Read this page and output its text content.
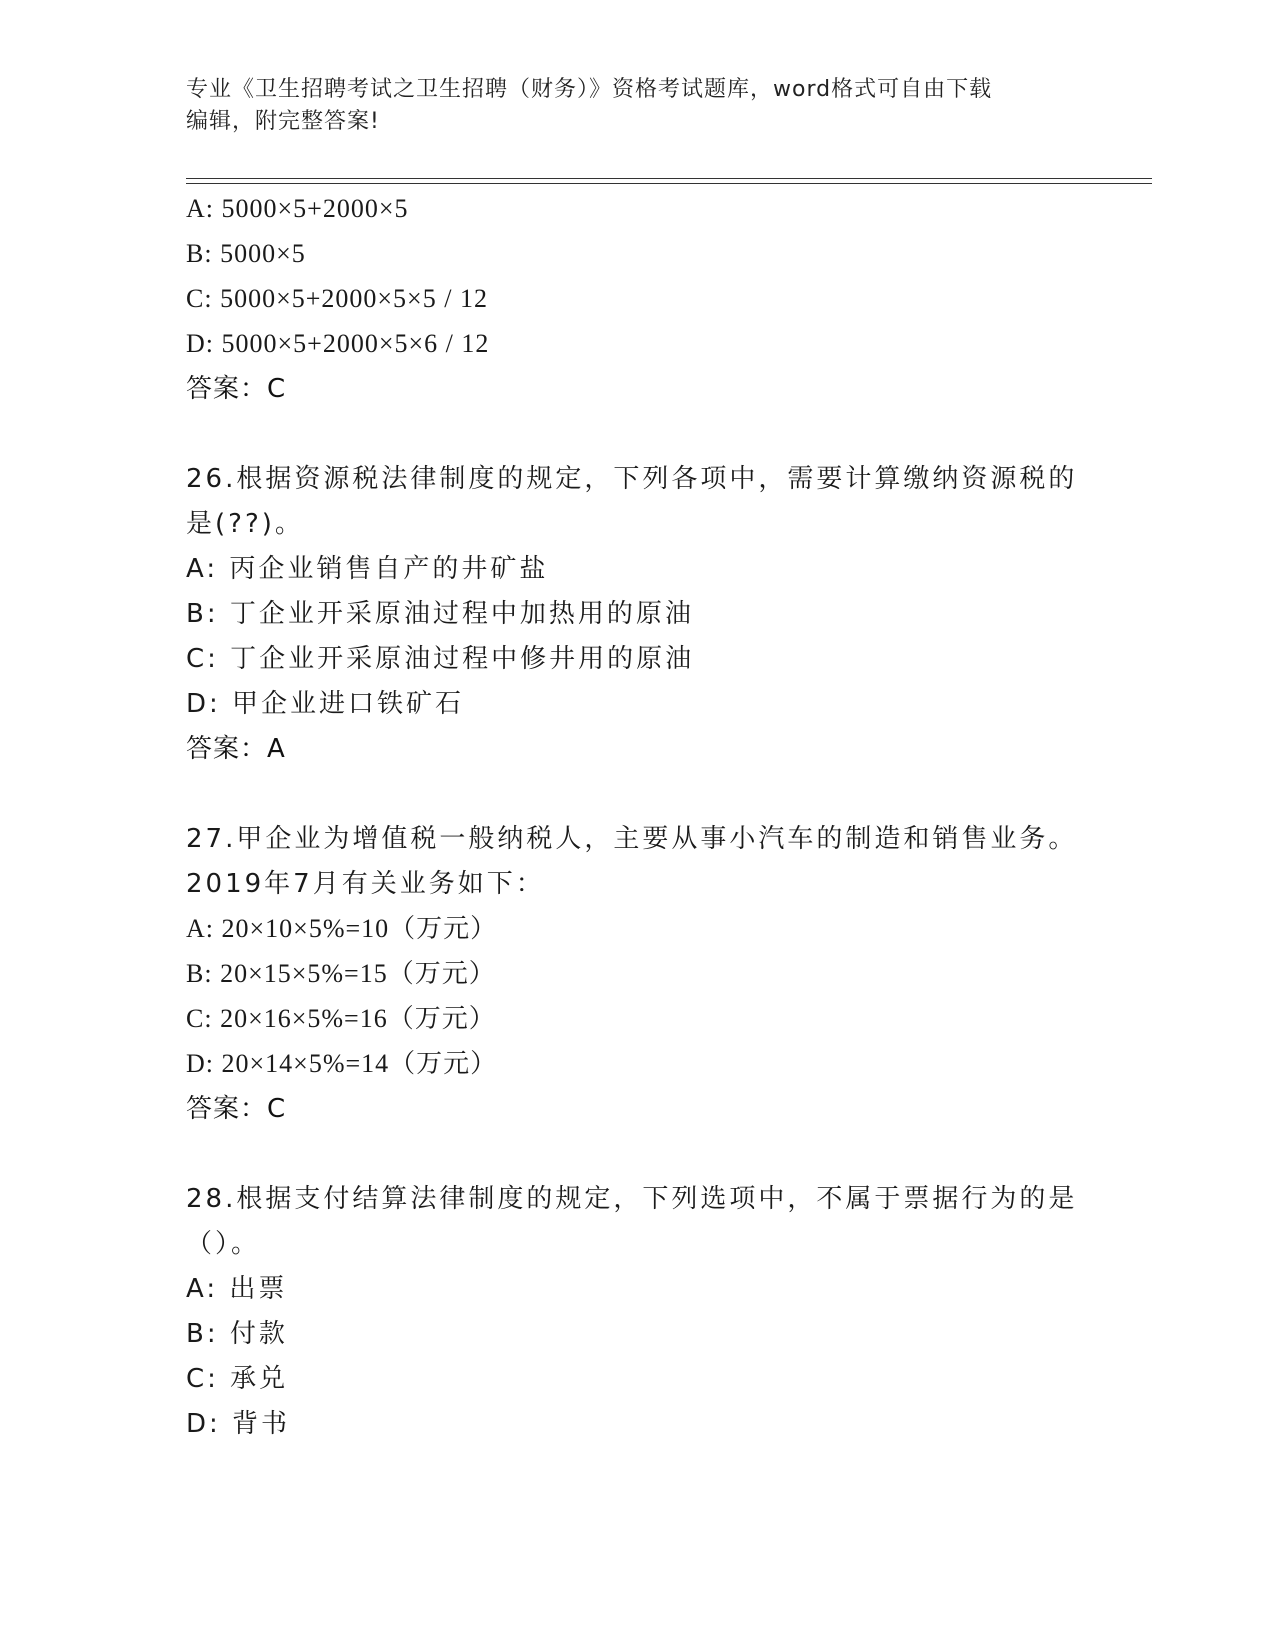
专业《卫生招聘考试之卫生招聘（财务）》资格考试题库，word格式可自由下载
编辑，附完整答案!
A: 5000×5+2000×5
B: 5000×5
C: 5000×5+2000×5×5 / 12
D: 5000×5+2000×5×6 / 12
答案：C
26.根据资源税法律制度的规定，下列各项中，需要计算缴纳资源税的
是(??)。
A: 丙企业销售自产的井矿盐
B: 丁企业开采原油过程中加热用的原油
C: 丁企业开采原油过程中修井用的原油
D: 甲企业进口铁矿石
答案：A
27.甲企业为增值税一般纳税人，主要从事小汽车的制造和销售业务。
2019年7月有关业务如下：
A: 20×10×5%=10（万元）
B: 20×15×5%=15（万元）
C: 20×16×5%=16（万元）
D: 20×14×5%=14（万元）
答案：C
28.根据支付结算法律制度的规定，下列选项中，不属于票据行为的是
（）。
A: 出票
B: 付款
C: 承兑
D: 背书
